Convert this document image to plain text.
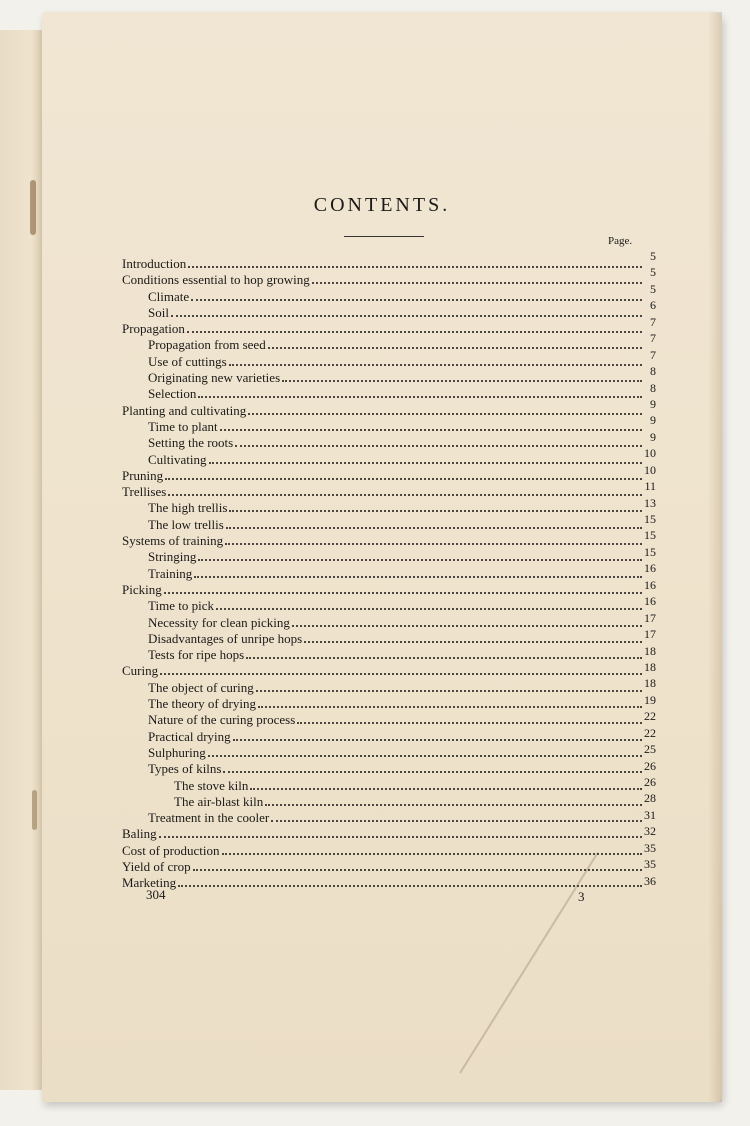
CONTENTS.
Page.
Introduction
Conditions essential to hop growing
Climate
Soil
Propagation
Propagation from seed
Use of cuttings
Originating new varieties
Selection
Planting and cultivating
Time to plant
Setting the roots
Cultivating
Pruning
Trellises
The high trellis
The low trellis
Systems of training
Stringing
Training
Picking
Time to pick
Necessity for clean picking
Disadvantages of unripe hops
Tests for ripe hops
Curing
The object of curing
The theory of drying
Nature of the curing process
Practical drying
Sulphuring
Types of kilns
The stove kiln
The air-blast kiln
Treatment in the cooler
Baling
Cost of production
Yield of crop
Marketing
5
5
5
6
7
7
7
8
8
9
9
9
10
10
11
13
15
15
15
16
16
16
17
17
18
18
18
19
22
22
25
26
26
28
31
32
35
35
36
304	3
